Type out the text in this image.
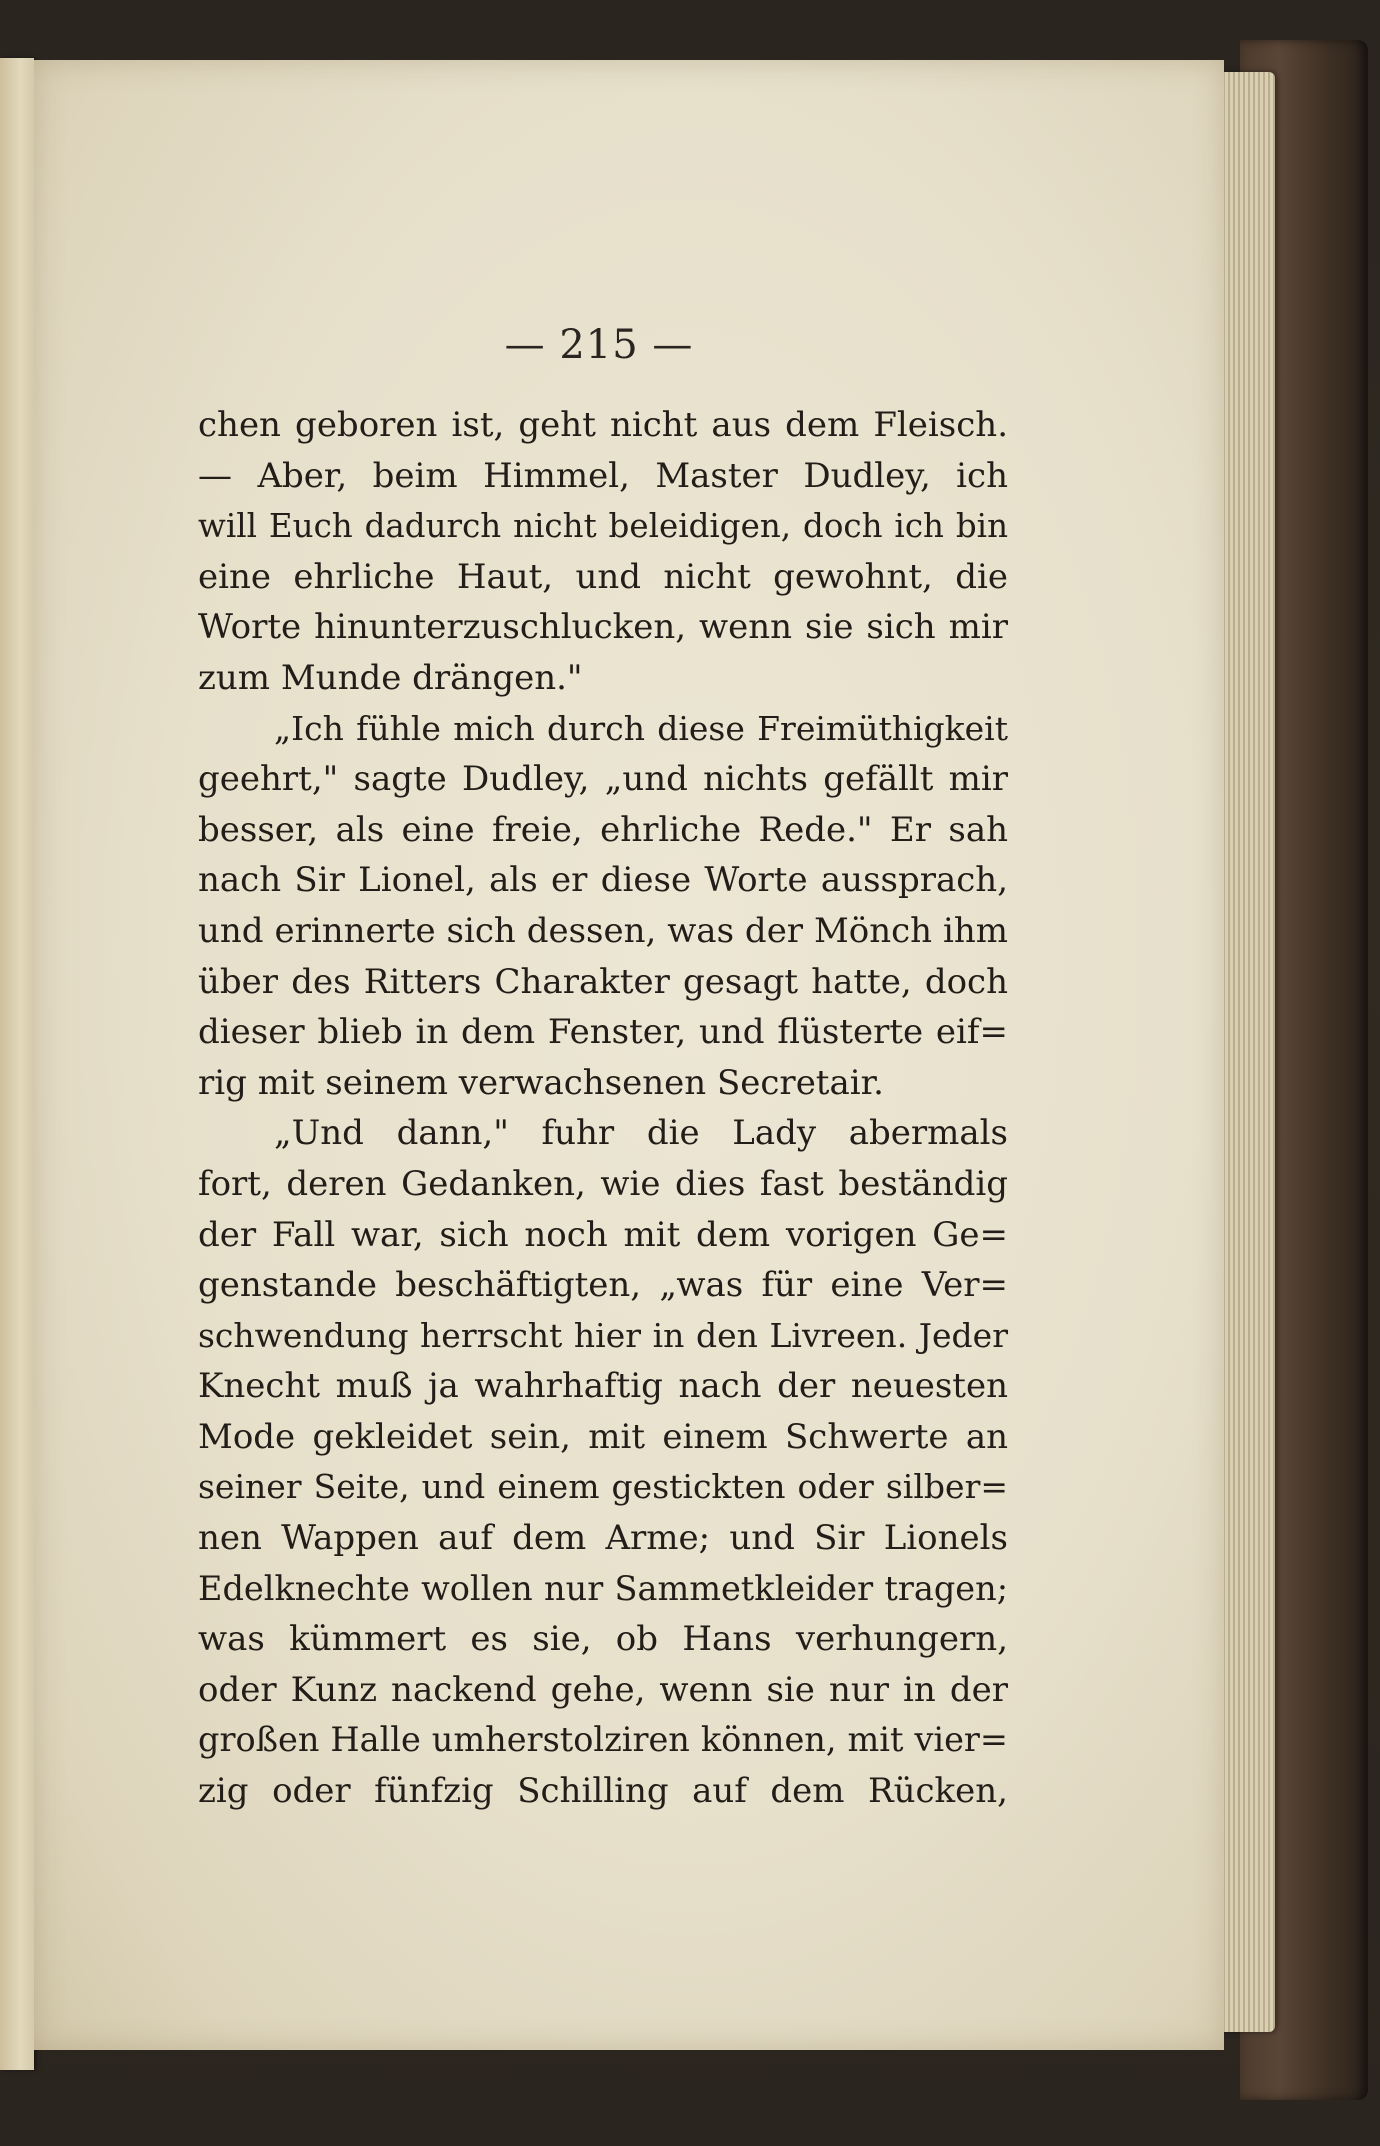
— 215 —

chen geboren ist, geht nicht aus dem Fleisch.
— Aber, beim Himmel, Master Dudley, ich
will Euch dadurch nicht beleidigen, doch ich bin
eine ehrliche Haut, und nicht gewohnt, die
Worte hinunterzuschlucken, wenn sie sich mir
zum Munde drängen."
„Ich fühle mich durch diese Freimüthigkeit
geehrt," sagte Dudley, „und nichts gefällt mir
besser, als eine freie, ehrliche Rede." Er sah
nach Sir Lionel, als er diese Worte aussprach,
und erinnerte sich dessen, was der Mönch ihm
über des Ritters Charakter gesagt hatte, doch
dieser blieb in dem Fenster, und flüsterte eif=
rig mit seinem verwachsenen Secretair.
„Und dann," fuhr die Lady abermals
fort, deren Gedanken, wie dies fast beständig
der Fall war, sich noch mit dem vorigen Ge=
genstande beschäftigten, „was für eine Ver=
schwendung herrscht hier in den Livreen. Jeder
Knecht muß ja wahrhaftig nach der neuesten
Mode gekleidet sein, mit einem Schwerte an
seiner Seite, und einem gestickten oder silber=
nen Wappen auf dem Arme; und Sir Lionels
Edelknechte wollen nur Sammetkleider tragen;
was kümmert es sie, ob Hans verhungern,
oder Kunz nackend gehe, wenn sie nur in der
großen Halle umherstolziren können, mit vier=
zig oder fünfzig Schilling auf dem Rücken,
